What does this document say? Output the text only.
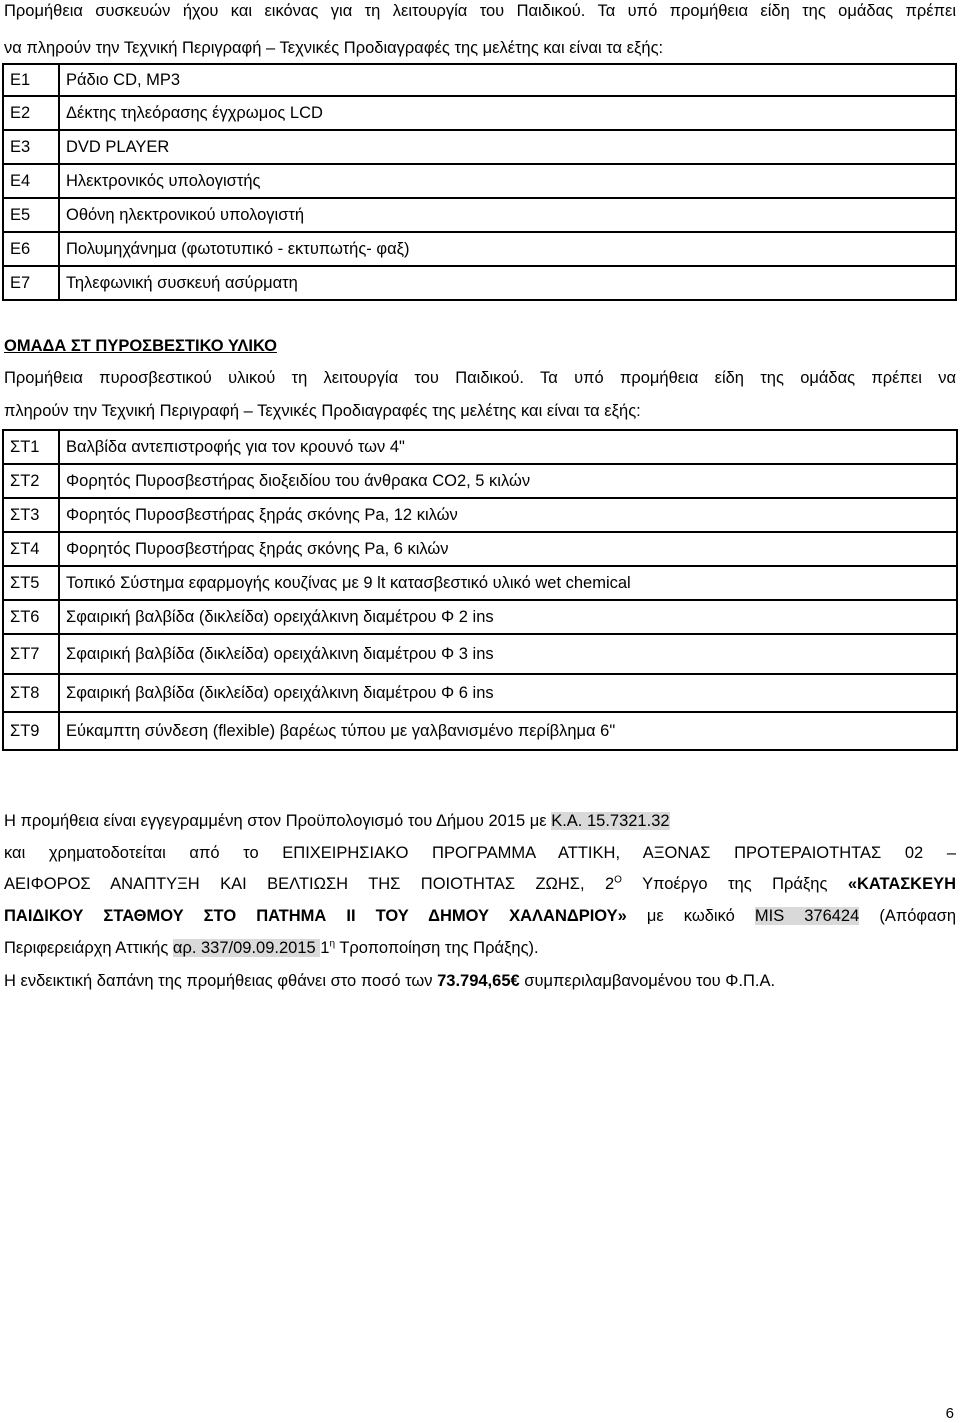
Προμήθεια συσκευών ήχου και εικόνας για τη λειτουργία του Παιδικού. Τα υπό προμήθεια είδη της ομάδας πρέπει
να πληρούν την Τεχνική Περιγραφή – Τεχνικές Προδιαγραφές της μελέτης και είναι τα εξής:
E1	Ράδιο CD, MP3
E2	Δέκτης τηλεόρασης έγχρωμος LCD
E3	DVD PLAYER
E4	Ηλεκτρονικός υπολογιστής
E5	Οθόνη ηλεκτρονικού υπολογιστή
E6	Πολυμηχάνημα (φωτοτυπικό - εκτυπωτής- φαξ)
E7	Τηλεφωνική συσκευή ασύρματη
ΟΜΑΔΑ ΣΤ ΠΥΡΟΣΒΕΣΤΙΚΟ ΥΛΙΚΟ
Προμήθεια πυροσβεστικού υλικού τη λειτουργία του Παιδικού. Τα υπό προμήθεια είδη της ομάδας πρέπει να
πληρούν την Τεχνική Περιγραφή – Τεχνικές Προδιαγραφές της μελέτης και είναι τα εξής:
ΣΤ1	Βαλβίδα αντεπιστροφής για τον κρουνό των 4"
ΣΤ2	Φορητός Πυροσβεστήρας διοξειδίου του άνθρακα CO2, 5 κιλών
ΣΤ3	Φορητός Πυροσβεστήρας ξηράς σκόνης Pa, 12 κιλών
ΣΤ4	Φορητός Πυροσβεστήρας ξηράς σκόνης Pa, 6 κιλών
ΣΤ5	Τοπικό Σύστημα εφαρμογής κουζίνας με 9 lt κατασβεστικό υλικό wet chemical
ΣΤ6	Σφαιρική βαλβίδα (δικλείδα) ορειχάλκινη διαμέτρου Φ 2 ins
ΣΤ7	Σφαιρική βαλβίδα (δικλείδα) ορειχάλκινη διαμέτρου Φ 3 ins
ΣΤ8	Σφαιρική βαλβίδα (δικλείδα) ορειχάλκινη διαμέτρου Φ 6 ins
ΣΤ9	Εύκαμπτη σύνδεση (flexible) βαρέως τύπου με γαλβανισμένο περίβλημα 6"
Η προμήθεια είναι εγγεγραμμένη στον Προϋπολογισμό του Δήμου 2015 με Κ.Α. 15.7321.32
και χρηματοδοτείται από το ΕΠΙΧΕΙΡΗΣΙΑΚΟ ΠΡΟΓΡΑΜΜΑ ΑΤΤΙΚΗ, ΑΞΟΝΑΣ ΠΡΟΤΕΡΑΙΟΤΗΤΑΣ 02 –
ΑΕΙΦΟΡΟΣ ΑΝΑΠΤΥΞΗ ΚΑΙ ΒΕΛΤΙΩΣΗ ΤΗΣ ΠΟΙΟΤΗΤΑΣ ΖΩΗΣ, $2^O$ Υποέργο της Πράξης «ΚΑΤΑΣΚΕΥΗ
ΠΑΙΔΙΚΟΥ ΣΤΑΘΜΟΥ ΣΤΟ ΠΑΤΗΜΑ ΙΙ ΤΟΥ ΔΗΜΟΥ ΧΑΛΑΝΔΡΙΟΥ» με κωδικό MIS 376424 (Απόφαση
Περιφερειάρχη Αττικής αρ. 337/09.09.2015 $1^\eta$ Τροποποίηση της Πράξης).
Η ενδεικτική δαπάνη της προμήθειας φθάνει στο ποσό των 73.794,65€ συμπεριλαμβανομένου του Φ.Π.Α.
6
